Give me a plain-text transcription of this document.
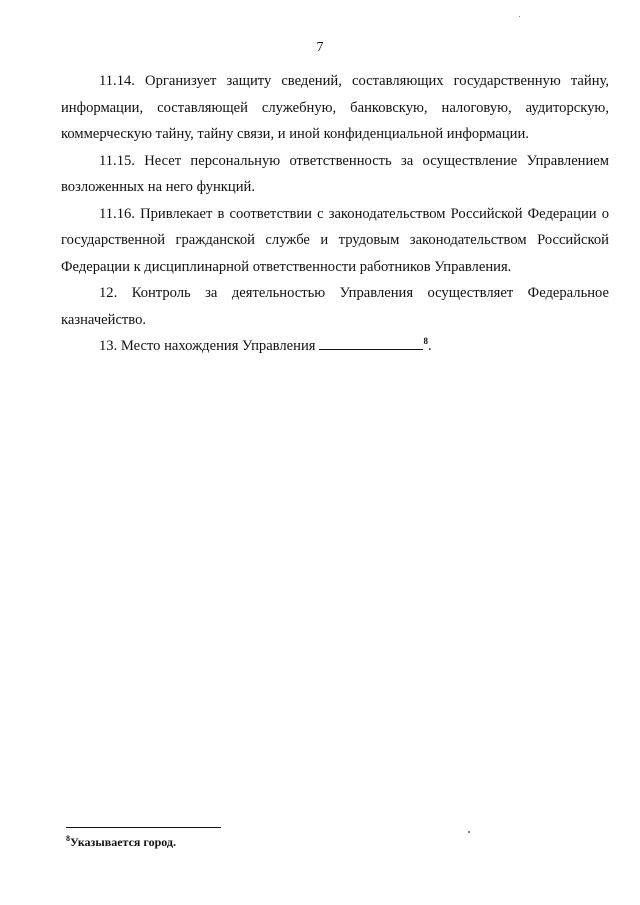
7

11.14. Организует защиту сведений, составляющих государственную тайну, информации, составляющей служебную, банковскую, налоговую, аудиторскую, коммерческую тайну, тайну связи, и иной конфиденциальной информации.

11.15. Несет персональную ответственность за осуществление Управлением возложенных на него функций.

11.16. Привлекает в соответствии с законодательством Российской Федерации о государственной гражданской службе и трудовым законодательством Российской Федерации к дисциплинарной ответственности работников Управления.

12. Контроль за деятельностью Управления осуществляет Федеральное казначейство.

13. Место нахождения Управления	$^8$.

$^8$Указывается город.
